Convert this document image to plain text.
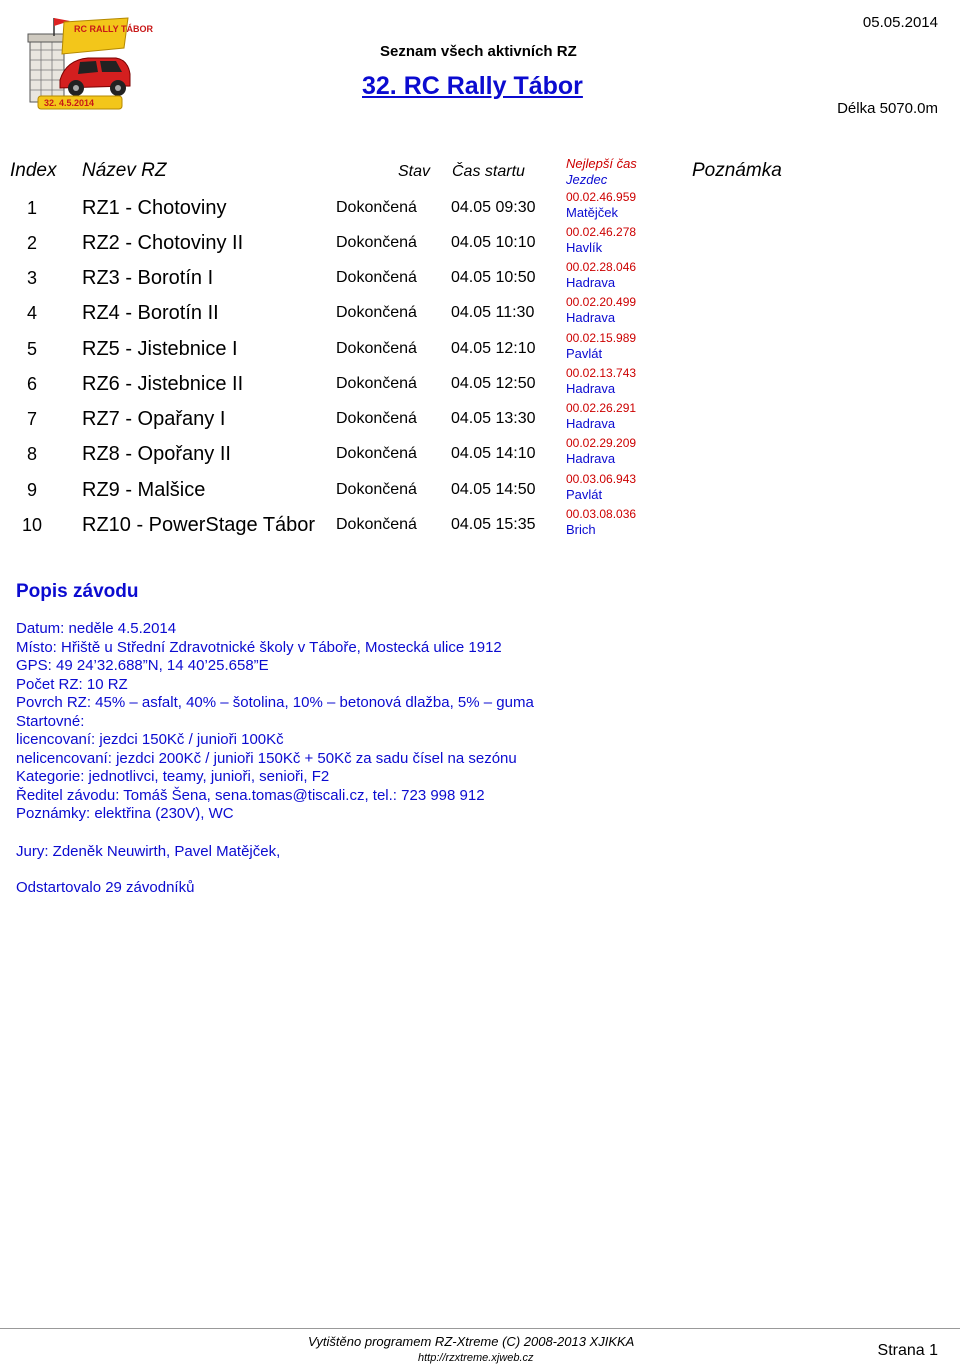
RC RALLY TÁBOR
32. 4.5.2014
Seznam všech aktivních RZ
32. RC Rally Tábor
05.05.2014
Délka 5070.0m
Index Název RZ	Stav Čas startu	Nejlepší čas
Jezdec	Poznámka
1	RZ1 - Chotoviny	Dokončená 04.05 09:30
00.02.46.959
Matějček
2	RZ2 - Chotoviny II	Dokončená 04.05 10:10
00.02.46.278
Havlík
3	RZ3 - Borotín I	Dokončená 04.05 10:50
00.02.28.046
Hadrava
4	RZ4 - Borotín II	Dokončená 04.05 11:30
00.02.20.499
Hadrava
5	RZ5 - Jistebnice I	Dokončená 04.05 12:10
00.02.15.989
Pavlát
6	RZ6 - Jistebnice II	Dokončená 04.05 12:50
00.02.13.743
Hadrava
7	RZ7 - Opařany I	Dokončená 04.05 13:30
00.02.26.291
Hadrava
8	RZ8 - Opořany II	Dokončená 04.05 14:10
00.02.29.209
Hadrava
9	RZ9 - Malšice	Dokončená 04.05 14:50
00.03.06.943
Pavlát
10	RZ10 - PowerStage Tábor Dokončená 04.05 15:35
00.03.08.036
Brich
Popis závodu
Datum: neděle 4.5.2014
Místo: Hřiště u Střední Zdravotnické školy v Táboře, Mostecká ulice 1912
GPS: 49 24’32.688”N, 14 40’25.658”E
Počet RZ: 10 RZ
Povrch RZ: 45% – asfalt, 40% – šotolina, 10% – betonová dlažba, 5% – guma
Startovné:
licencovaní: jezdci 150Kč / junioři 100Kč
nelicencovaní: jezdci 200Kč / junioři 150Kč + 50Kč za sadu čísel na sezónu
Kategorie: jednotlivci, teamy, junioři, senioři, F2
Ředitel závodu: Tomáš Šena, sena.tomas@tiscali.cz, tel.: 723 998 912
Poznámky: elektřina (230V), WC
Jury: Zdeněk Neuwirth, Pavel Matějček,
Odstartovalo 29 závodníků
Vytištěno programem RZ-Xtreme (C) 2008-2013 XJIKKA
http://rzxtreme.xjweb.cz	Strana 1
